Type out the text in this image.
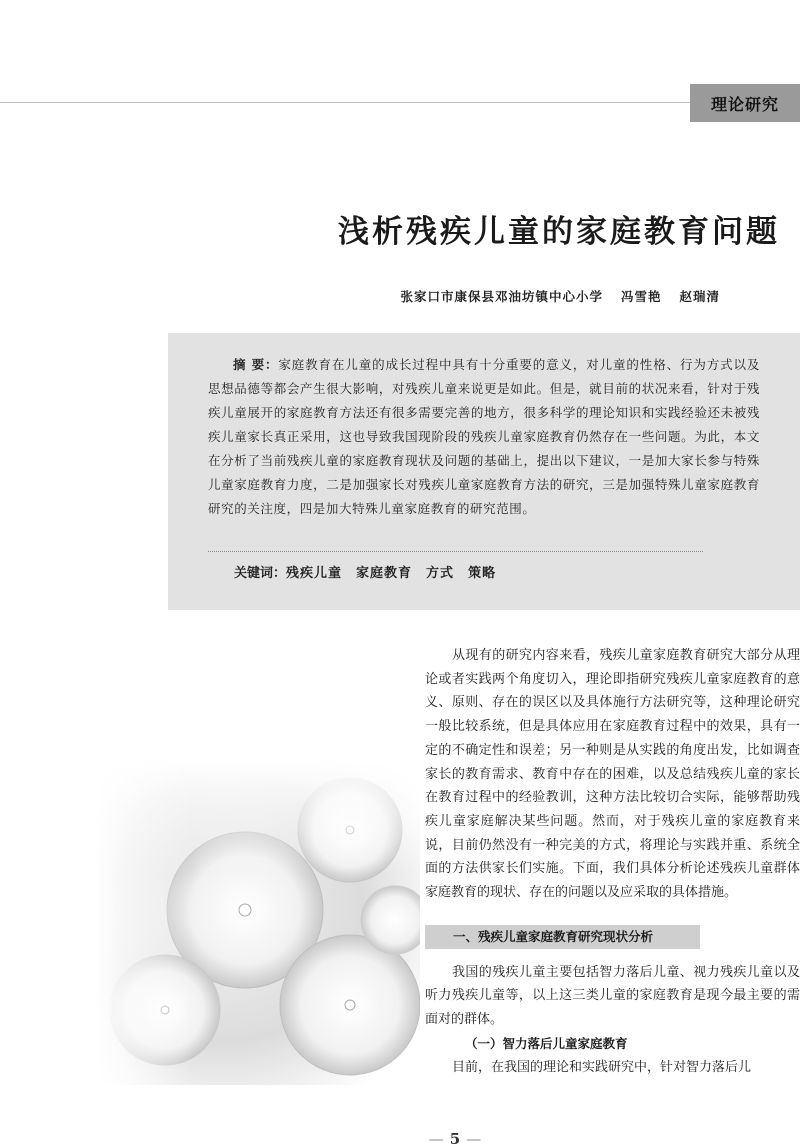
理论研究
浅析残疾儿童的家庭教育问题
张家口市康保县邓油坊镇中心小学 冯雪艳 赵瑞清

摘 要：家庭教育在儿童的成长过程中具有十分重要的意义，对儿童的性格、行为方式以及思想品德等都会产生很大影响，对残疾儿童来说更是如此。但是，就目前的状况来看，针对于残疾儿童展开的家庭教育方法还有很多需要完善的地方，很多科学的理论知识和实践经验还未被残疾儿童家长真正采用，这也导致我国现阶段的残疾儿童家庭教育仍然存在一些问题。为此，本文在分析了当前残疾儿童的家庭教育现状及问题的基础上，提出以下建议，一是加大家长参与特殊儿童家庭教育力度，二是加强家长对残疾儿童家庭教育方法的研究，三是加强特殊儿童家庭教育研究的关注度，四是加大特殊儿童家庭教育的研究范围。

关键词：残疾儿童 家庭教育 方式 策略

从现有的研究内容来看，残疾儿童家庭教育研究大部分从理论或者实践两个角度切入，理论即指研究残疾儿童家庭教育的意义、原则、存在的误区以及具体施行方法研究等，这种理论研究一般比较系统，但是具体应用在家庭教育过程中的效果，具有一定的不确定性和误差；另一种则是从实践的角度出发，比如调查家长的教育需求、教育中存在的困难，以及总结残疾儿童的家长在教育过程中的经验教训，这种方法比较切合实际，能够帮助残疾儿童家庭解决某些问题。然而，对于残疾儿童的家庭教育来说，目前仍然没有一种完美的方式，将理论与实践并重、系统全面的方法供家长们实施。下面，我们具体分析论述残疾儿童群体家庭教育的现状、存在的问题以及应采取的具体措施。

一、残疾儿童家庭教育研究现状分析

我国的残疾儿童主要包括智力落后儿童、视力残疾儿童以及听力残疾儿童等，以上这三类儿童的家庭教育是现今最主要的需面对的群体。

（一）智力落后儿童家庭教育

目前，在我国的理论和实践研究中，针对智力落后儿

— 5 —
